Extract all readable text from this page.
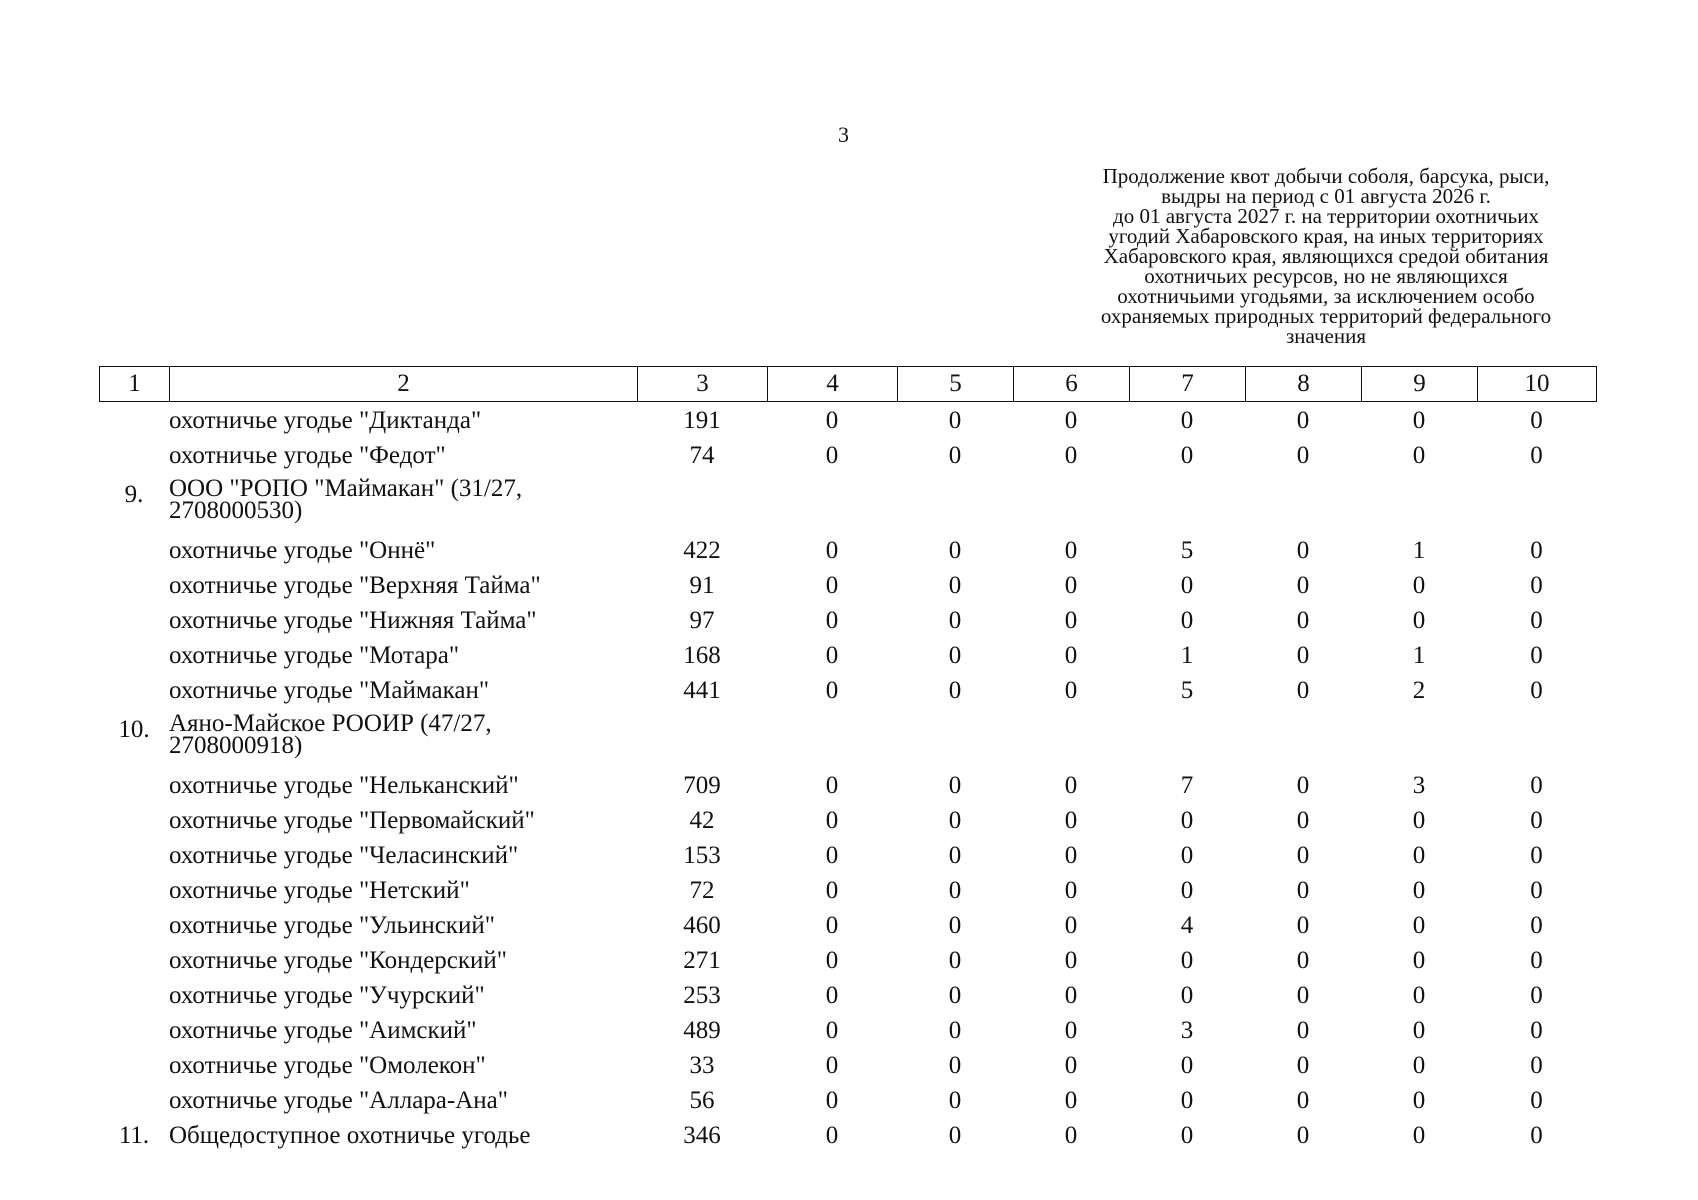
3
Продолжение квот добычи соболя, барсука, рыси,
выдры на период с 01 августа 2026 г.
до 01 августа 2027 г. на территории охотничьих
угодий Хабаровского края, на иных территориях
Хабаровского края, являющихся средой обитания
охотничьих ресурсов, но не являющихся
охотничьими угодьями, за исключением особо
охраняемых природных территорий федерального
значения
1	2	3	4	5	6	7	8	9	10
	охотничье угодье "Диктанда"	191	0	0	0	0	0	0	0
	охотничье угодье "Федот"	74	0	0	0	0	0	0	0
9.	ООО "РОПО "Маймакан" (31/27, 2708000530)								
	охотничье угодье "Оннё"	422	0	0	0	5	0	1	0
	охотничье угодье "Верхняя Тайма"	91	0	0	0	0	0	0	0
	охотничье угодье "Нижняя Тайма"	97	0	0	0	0	0	0	0
	охотничье угодье "Мотара"	168	0	0	0	1	0	1	0
	охотничье угодье "Маймакан"	441	0	0	0	5	0	2	0
10.	Аяно-Майское РООИР (47/27, 2708000918)								
	охотничье угодье "Нельканский"	709	0	0	0	7	0	3	0
	охотничье угодье "Первомайский"	42	0	0	0	0	0	0	0
	охотничье угодье "Челасинский"	153	0	0	0	0	0	0	0
	охотничье угодье "Нетский"	72	0	0	0	0	0	0	0
	охотничье угодье "Ульинский"	460	0	0	0	4	0	0	0
	охотничье угодье "Кондерский"	271	0	0	0	0	0	0	0
	охотничье угодье "Учурский"	253	0	0	0	0	0	0	0
	охотничье угодье "Аимский"	489	0	0	0	3	0	0	0
	охотничье угодье "Омолекон"	33	0	0	0	0	0	0	0
	охотничье угодье "Аллара-Ана"	56	0	0	0	0	0	0	0
11.	Общедоступное охотничье угодье	346	0	0	0	0	0	0	0
